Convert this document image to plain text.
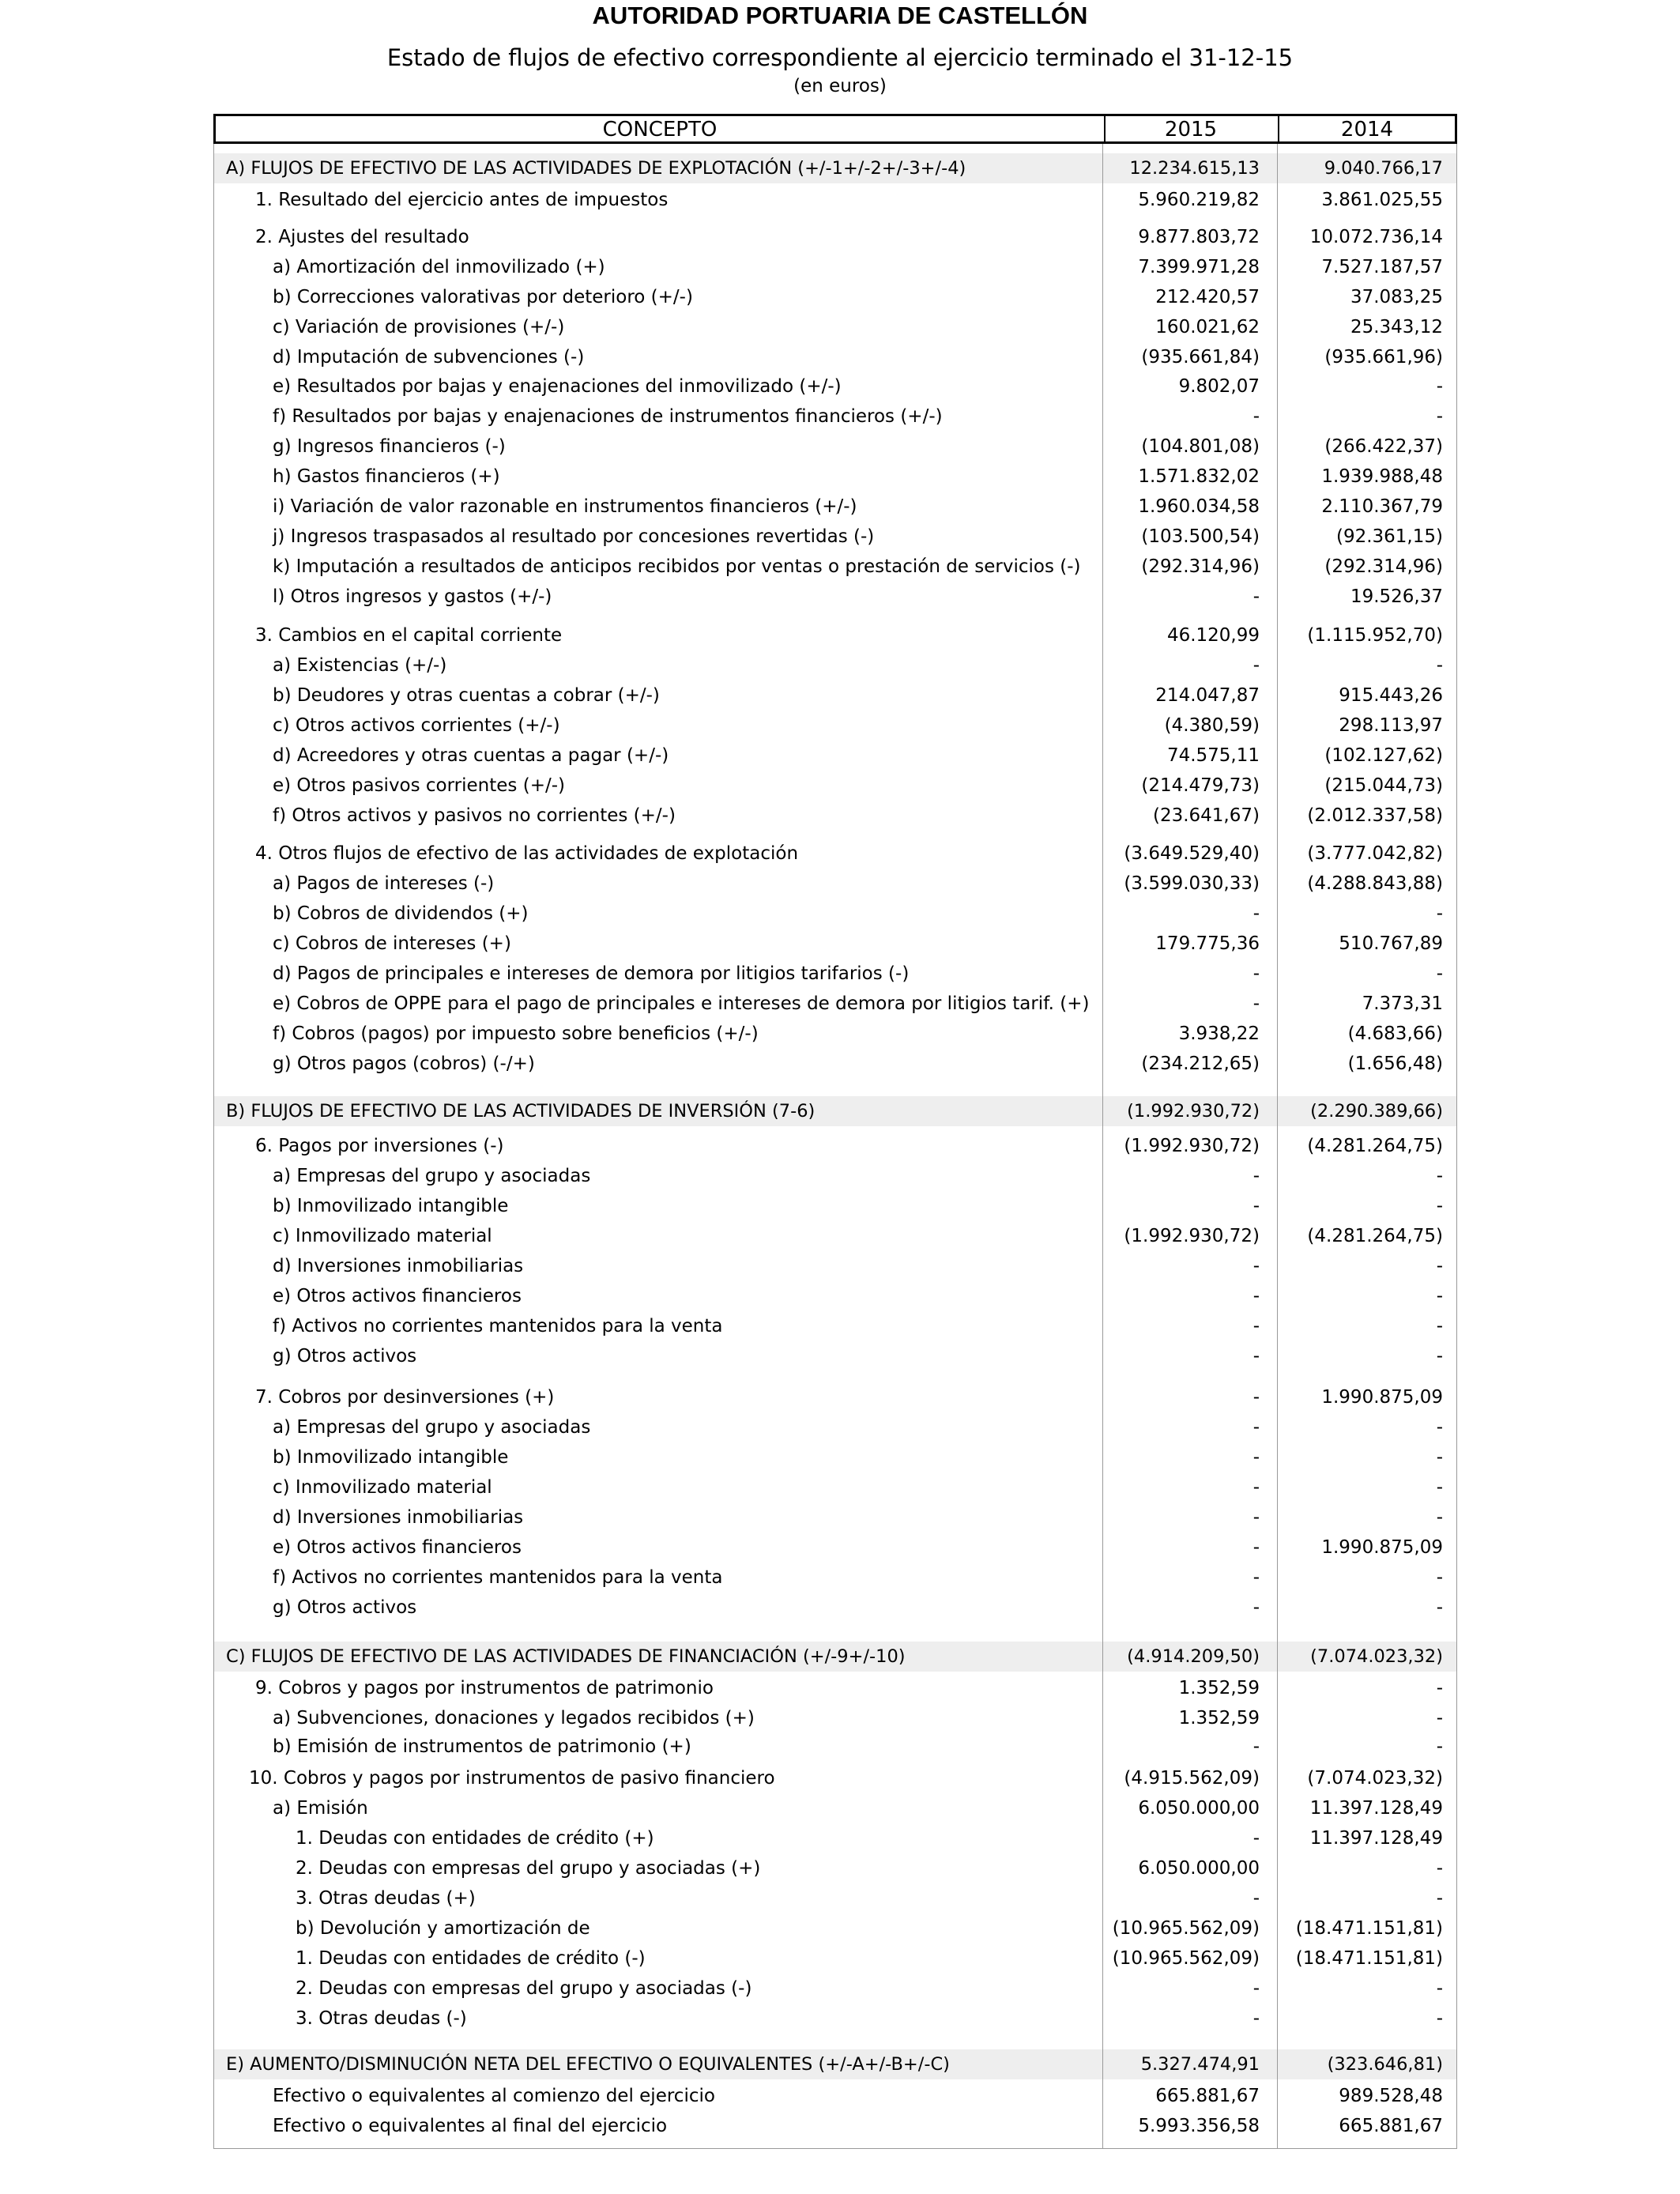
AUTORIDAD PORTUARIA DE CASTELLÓN
Estado de flujos de efectivo correspondiente al ejercicio terminado el 31-12-15
(en euros)
CONCEPTO	2015	2014
A) FLUJOS DE EFECTIVO DE LAS ACTIVIDADES DE EXPLOTACIÓN (+/-1+/-2+/-3+/-4)	12.234.615,13	9.040.766,17
1. Resultado del ejercicio antes de impuestos	5.960.219,82	3.861.025,55
2. Ajustes del resultado	9.877.803,72	10.072.736,14
a) Amortización del inmovilizado (+)	7.399.971,28	7.527.187,57
b) Correcciones valorativas por deterioro (+/-)	212.420,57	37.083,25
c) Variación de provisiones (+/-)	160.021,62	25.343,12
d) Imputación de subvenciones (-)	(935.661,84)	(935.661,96)
e) Resultados por bajas y enajenaciones del inmovilizado (+/-)	9.802,07	-
f) Resultados por bajas y enajenaciones de instrumentos financieros (+/-)	-	-
g) Ingresos financieros (-)	(104.801,08)	(266.422,37)
h) Gastos financieros (+)	1.571.832,02	1.939.988,48
i) Variación de valor razonable en instrumentos financieros (+/-)	1.960.034,58	2.110.367,79
j) Ingresos traspasados al resultado por concesiones revertidas (-)	(103.500,54)	(92.361,15)
k) Imputación a resultados de anticipos recibidos por ventas o prestación de servicios (-)	(292.314,96)	(292.314,96)
l) Otros ingresos y gastos (+/-)	-	19.526,37
3. Cambios en el capital corriente	46.120,99	(1.115.952,70)
a) Existencias (+/-)	-	-
b) Deudores y otras cuentas a cobrar (+/-)	214.047,87	915.443,26
c) Otros activos corrientes (+/-)	(4.380,59)	298.113,97
d) Acreedores y otras cuentas a pagar (+/-)	74.575,11	(102.127,62)
e) Otros pasivos corrientes (+/-)	(214.479,73)	(215.044,73)
f) Otros activos y pasivos no corrientes (+/-)	(23.641,67)	(2.012.337,58)
4. Otros flujos de efectivo de las actividades de explotación	(3.649.529,40)	(3.777.042,82)
a) Pagos de intereses (-)	(3.599.030,33)	(4.288.843,88)
b) Cobros de dividendos (+)	-	-
c) Cobros de intereses (+)	179.775,36	510.767,89
d) Pagos de principales e intereses de demora por litigios tarifarios (-)	-	-
e) Cobros de OPPE para el pago de principales e intereses de demora por litigios tarif. (+)	-	7.373,31
f) Cobros (pagos) por impuesto sobre beneficios (+/-)	3.938,22	(4.683,66)
g) Otros pagos (cobros) (-/+)	(234.212,65)	(1.656,48)
B) FLUJOS DE EFECTIVO DE LAS ACTIVIDADES DE INVERSIÓN (7-6)	(1.992.930,72)	(2.290.389,66)
6. Pagos por inversiones (-)	(1.992.930,72)	(4.281.264,75)
a) Empresas del grupo y asociadas	-	-
b) Inmovilizado intangible	-	-
c) Inmovilizado material	(1.992.930,72)	(4.281.264,75)
d) Inversiones inmobiliarias	-	-
e) Otros activos financieros	-	-
f) Activos no corrientes mantenidos para la venta	-	-
g) Otros activos	-	-
7. Cobros por desinversiones (+)	-	1.990.875,09
a) Empresas del grupo y asociadas	-	-
b) Inmovilizado intangible	-	-
c) Inmovilizado material	-	-
d) Inversiones inmobiliarias	-	-
e) Otros activos financieros	-	1.990.875,09
f) Activos no corrientes mantenidos para la venta	-	-
g) Otros activos	-	-
C) FLUJOS DE EFECTIVO DE LAS ACTIVIDADES DE FINANCIACIÓN (+/-9+/-10)	(4.914.209,50)	(7.074.023,32)
9. Cobros y pagos por instrumentos de patrimonio	1.352,59	-
a) Subvenciones, donaciones y legados recibidos (+)	1.352,59	-
b) Emisión de instrumentos de patrimonio (+)	-	-
10. Cobros y pagos por instrumentos de pasivo financiero	(4.915.562,09)	(7.074.023,32)
a) Emisión	6.050.000,00	11.397.128,49
1. Deudas con entidades de crédito (+)	-	11.397.128,49
2. Deudas con empresas del grupo y asociadas (+)	6.050.000,00	-
3. Otras deudas (+)	-	-
b) Devolución y amortización de	(10.965.562,09)	(18.471.151,81)
1. Deudas con entidades de crédito (-)	(10.965.562,09)	(18.471.151,81)
2. Deudas con empresas del grupo y asociadas (-)	-	-
3. Otras deudas (-)	-	-
E) AUMENTO/DISMINUCIÓN NETA DEL EFECTIVO O EQUIVALENTES (+/-A+/-B+/-C)	5.327.474,91	(323.646,81)
Efectivo o equivalentes al comienzo del ejercicio	665.881,67	989.528,48
Efectivo o equivalentes al final del ejercicio	5.993.356,58	665.881,67
